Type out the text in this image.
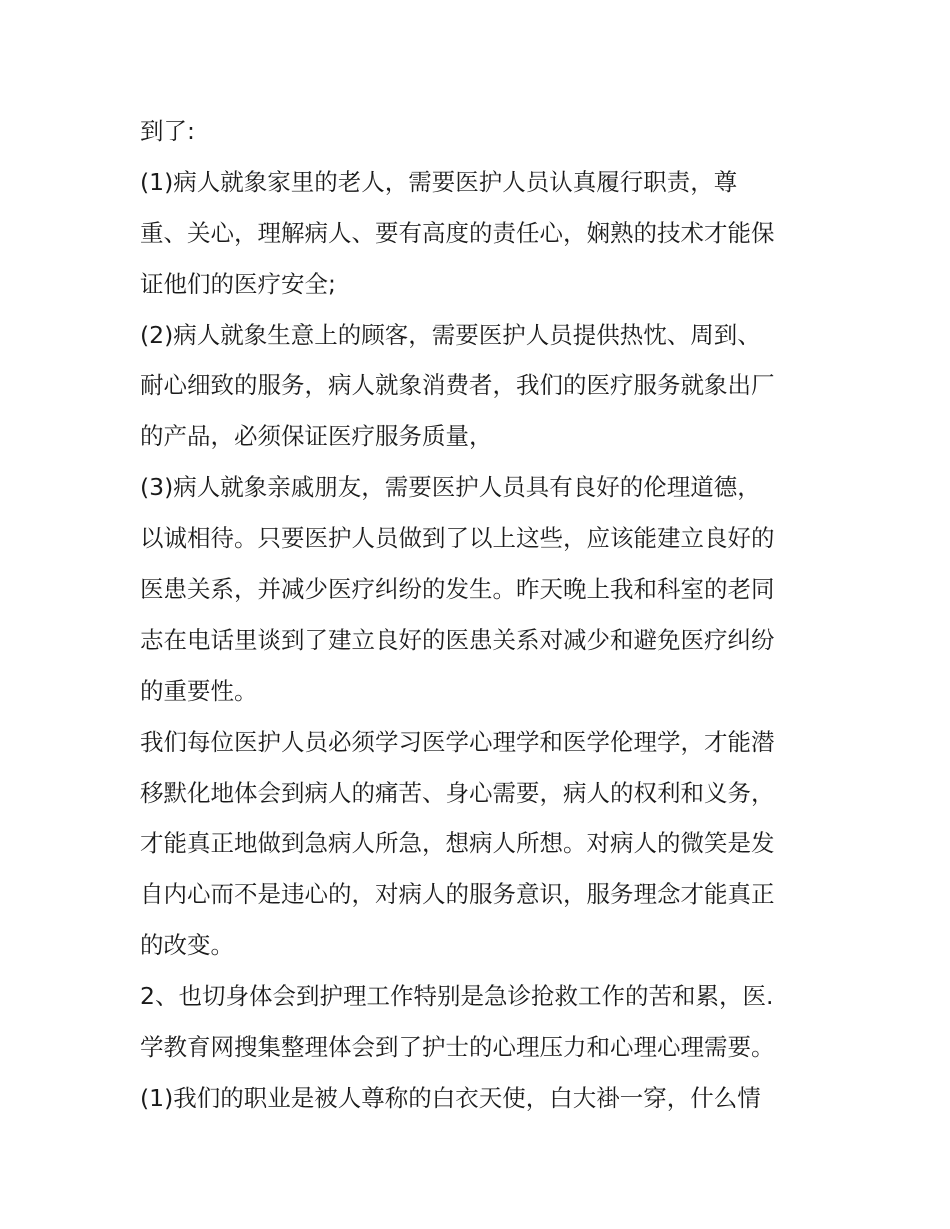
到了:
(1)病人就象家里的老人，需要医护人员认真履行职责，尊
重、关心，理解病人、要有高度的责任心，娴熟的技术才能保
证他们的医疗安全;
(2)病人就象生意上的顾客，需要医护人员提供热忱、周到、
耐心细致的服务，病人就象消费者，我们的医疗服务就象出厂
的产品，必须保证医疗服务质量，
(3)病人就象亲戚朋友，需要医护人员具有良好的伦理道德，
以诚相待。只要医护人员做到了以上这些，应该能建立良好的
医患关系，并减少医疗纠纷的发生。昨天晚上我和科室的老同
志在电话里谈到了建立良好的医患关系对减少和避免医疗纠纷
的重要性。
我们每位医护人员必须学习医学心理学和医学伦理学，才能潜
移默化地体会到病人的痛苦、身心需要，病人的权利和义务，
才能真正地做到急病人所急，想病人所想。对病人的微笑是发
自内心而不是违心的，对病人的服务意识，服务理念才能真正
的改变。
2、也切身体会到护理工作特别是急诊抢救工作的苦和累，医.
学教育网搜集整理体会到了护士的心理压力和心理心理需要。
(1)我们的职业是被人尊称的白衣天使，白大褂一穿，什么情
